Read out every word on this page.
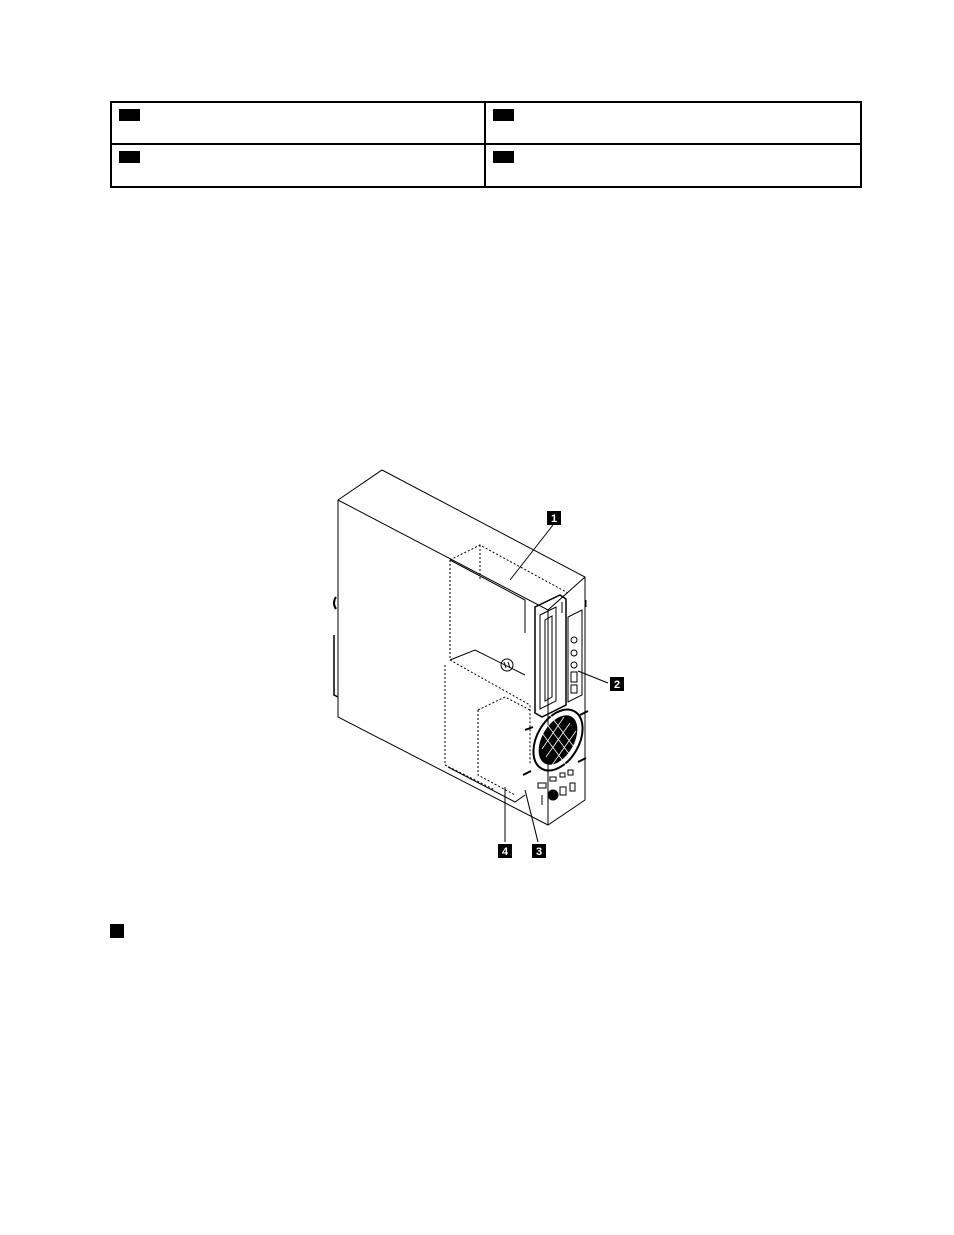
1
2
3
4
